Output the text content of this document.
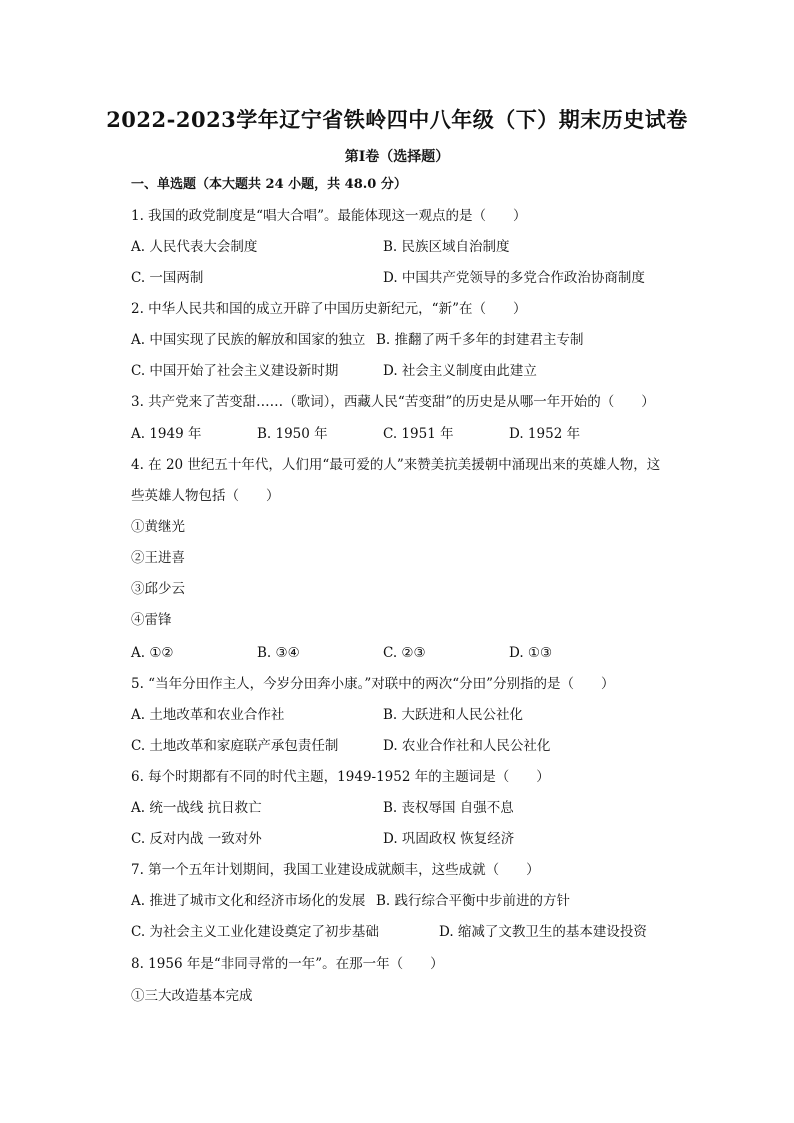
2022-2023学年辽宁省铁岭四中八年级（下）期末历史试卷
第Ⅰ卷（选择题）
一、单选题（本大题共 24 小题，共 48.0 分）
1. 我国的政党制度是“唱大合唱”。最能体现这一观点的是（　　）
A. 人民代表大会制度	B. 民族区域自治制度
C. 一国两制	D. 中国共产党领导的多党合作政治协商制度
2. 中华人民共和国的成立开辟了中国历史新纪元，“新”在（　　）
A. 中国实现了民族的解放和国家的独立 B. 推翻了两千多年的封建君主专制
C. 中国开始了社会主义建设新时期	D. 社会主义制度由此建立
3. 共产党来了苦变甜……（歌词），西藏人民“苦变甜”的历史是从哪一年开始的（　　）
A. 1949 年	B. 1950 年	C. 1951 年	D. 1952 年
4. 在 20 世纪五十年代，人们用“最可爱的人”来赞美抗美援朝中涌现出来的英雄人物，这
些英雄人物包括（　　）
①黄继光
②王进喜
③邱少云
④雷锋
A. ①②	B. ③④	C. ②③	D. ①③
5. “当年分田作主人，今岁分田奔小康。”对联中的两次“分田”分别指的是（　　）
A. 土地改革和农业合作社	B. 大跃进和人民公社化
C. 土地改革和家庭联产承包责任制	D. 农业合作社和人民公社化
6. 每个时期都有不同的时代主题，1949-1952 年的主题词是（　　）
A. 统一战线 抗日救亡	B. 丧权辱国 自强不息
C. 反对内战 一致对外	D. 巩固政权 恢复经济
7. 第一个五年计划期间，我国工业建设成就颇丰，这些成就（　　）
A. 推进了城市文化和经济市场化的发展 B. 践行综合平衡中步前进的方针
C. 为社会主义工业化建设奠定了初步基础	D. 缩减了文教卫生的基本建设投资
8. 1956 年是“非同寻常的一年”。在那一年（　　）
①三大改造基本完成
